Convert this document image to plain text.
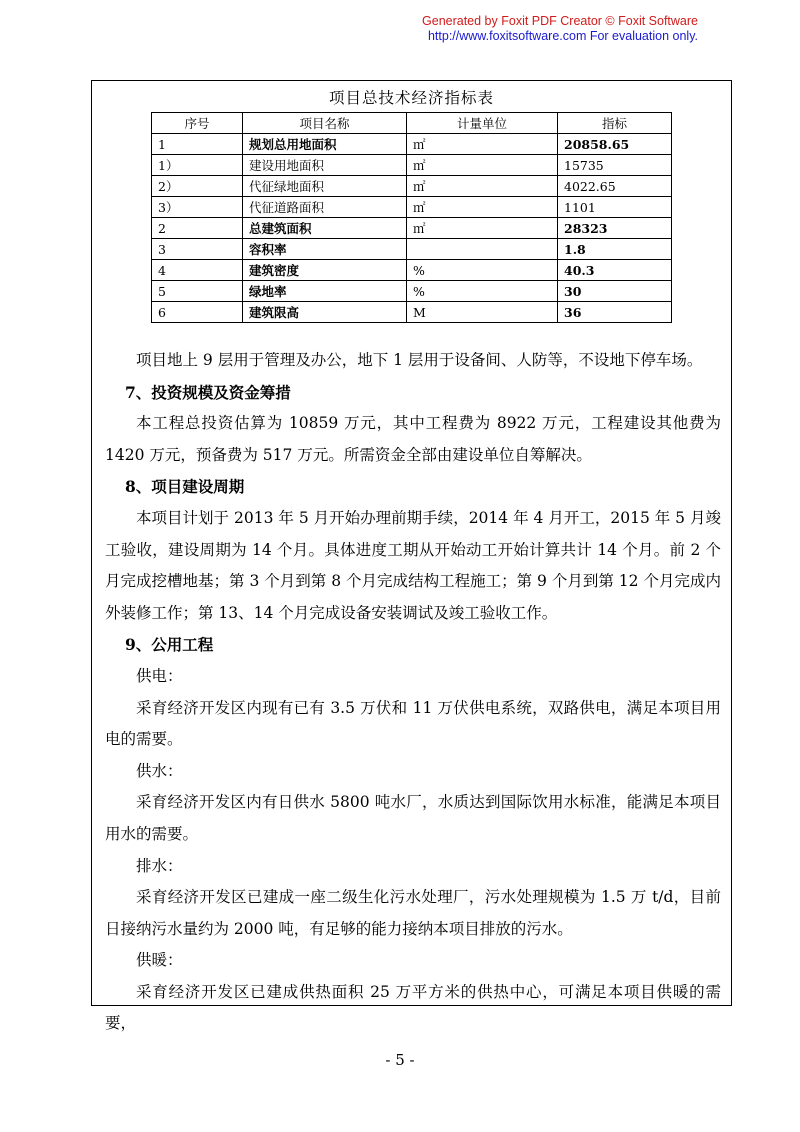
Generated by Foxit PDF Creator © Foxit Software
http://www.foxitsoftware.com For evaluation only.
项目总技术经济指标表
序号	项目名称	计量单位	指标
1	规划总用地面积	㎡	20858.65
1）	建设用地面积	㎡	15735
2）	代征绿地面积	㎡	4022.65
3）	代征道路面积	㎡	1101
2	总建筑面积	㎡	28323
3	容积率		1.8
4	建筑密度	%	40.3
5	绿地率	%	30
6	建筑限高	M	36

项目地上 9 层用于管理及办公，地下 1 层用于设备间、人防等，不设地下停车场。

7、投资规模及资金筹措

本工程总投资估算为 10859 万元，其中工程费为 8922 万元，工程建设其他费为 1420 万元，预备费为 517 万元。所需资金全部由建设单位自筹解决。

8、项目建设周期

本项目计划于 2013 年 5 月开始办理前期手续，2014 年 4 月开工，2015 年 5 月竣工验收，建设周期为 14 个月。具体进度工期从开始动工开始计算共计 14 个月。前 2 个月完成挖槽地基；第 3 个月到第 8 个月完成结构工程施工；第 9 个月到第 12 个月完成内外装修工作；第 13、14 个月完成设备安装调试及竣工验收工作。

9、公用工程

供电：

采育经济开发区内现有已有 3.5 万伏和 11 万伏供电系统，双路供电，满足本项目用电的需要。

供水：

采育经济开发区内有日供水 5800 吨水厂，水质达到国际饮用水标准，能满足本项目用水的需要。

排水：

采育经济开发区已建成一座二级生化污水处理厂，污水处理规模为 1.5 万 t/d，目前日接纳污水量约为 2000 吨，有足够的能力接纳本项目排放的污水。

供暖：

采育经济开发区已建成供热面积 25 万平方米的供热中心，可满足本项目供暖的需要，

- 5 -
